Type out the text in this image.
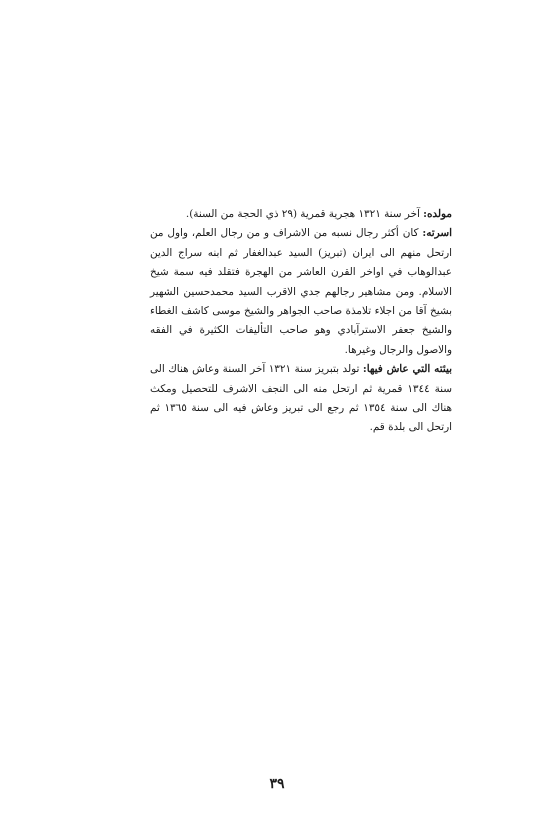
مولده: آخر سنة ١٣٢١ هجرية قمرية (٢٩ ذي الحجة من السنة).

اسرته: كان أكثر رجال نسبه من الاشراف و من رجال العلم، واول من ارتحل منهم الى ايران (تبريز) السيد عبدالغفار ثم ابنه سراج الدين عبدالوهاب في اواخر القرن العاشر من الهجرة فتقلد فيه سمة شيخ الاسلام. ومن مشاهير رجالهم جدي الاقرب السيد محمدحسين الشهير بشيخ آقا من اجلاء تلامذة صاحب الجواهر والشيخ موسى كاشف الغطاء والشيخ جعفر الاسترآبادي وهو صاحب التأليفات الكثيرة في الفقه والاصول والرجال وغيرها.

بيئته التي عاش فيها: تولد بتبريز سنة ١٣٢١ آخر السنة وعاش هناك الى سنة ١٣٤٤ قمرية ثم ارتحل منه الى النجف الاشرف للتحصيل ومكث هناك الى سنة ١٣٥٤ ثم رجع الى تبريز وعاش فيه الى سنة ١٣٦٥ ثم ارتحل الى بلدة قم.

٣٩
